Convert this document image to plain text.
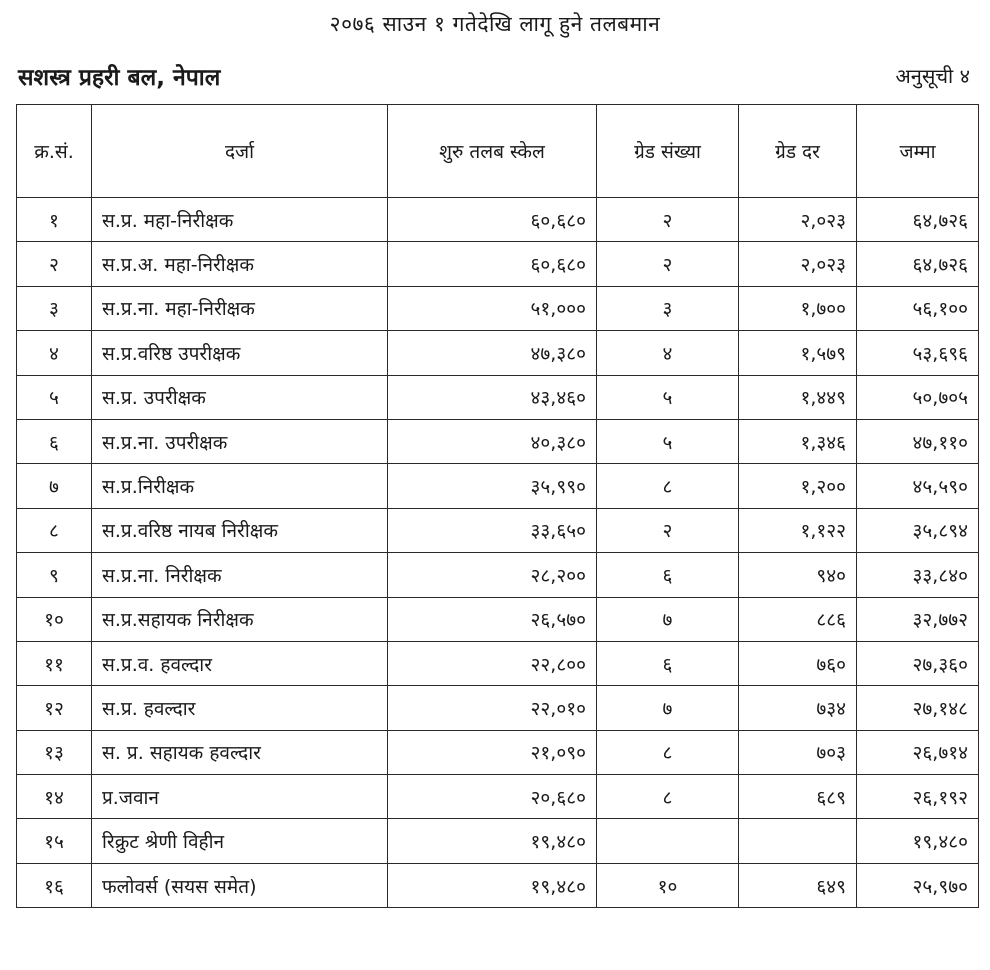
२०७६ साउन १ गतेदेखि लागू हुने तलबमान
सशस्त्र प्रहरी बल, नेपाल	अनुसूची ४
क्र.सं.	दर्जा	शुरु तलब स्केल	ग्रेड संख्या	ग्रेड दर	जम्मा
१	स.प्र. महा-निरीक्षक	६०,६८०	२	२,०२३	६४,७२६
२	स.प्र.अ. महा-निरीक्षक	६०,६८०	२	२,०२३	६४,७२६
३	स.प्र.ना. महा-निरीक्षक	५१,०००	३	१,७००	५६,१००
४	स.प्र.वरिष्ठ उपरीक्षक	४७,३८०	४	१,५७९	५३,६९६
५	स.प्र. उपरीक्षक	४३,४६०	५	१,४४९	५०,७०५
६	स.प्र.ना. उपरीक्षक	४०,३८०	५	१,३४६	४७,११०
७	स.प्र.निरीक्षक	३५,९९०	८	१,२००	४५,५९०
८	स.प्र.वरिष्ठ नायब निरीक्षक	३३,६५०	२	१,१२२	३५,८९४
९	स.प्र.ना. निरीक्षक	२८,२००	६	९४०	३३,८४०
१०	स.प्र.सहायक निरीक्षक	२६,५७०	७	८८६	३२,७७२
११	स.प्र.व. हवल्दार	२२,८००	६	७६०	२७,३६०
१२	स.प्र. हवल्दार	२२,०१०	७	७३४	२७,१४८
१३	स. प्र. सहायक हवल्दार	२१,०९०	८	७०३	२६,७१४
१४	प्र.जवान	२०,६८०	८	६८९	२६,१९२
१५	रिक्रुट श्रेणी विहीन	१९,४८०			१९,४८०
१६	फलोवर्स (सयस समेत)	१९,४८०	१०	६४९	२५,९७०
